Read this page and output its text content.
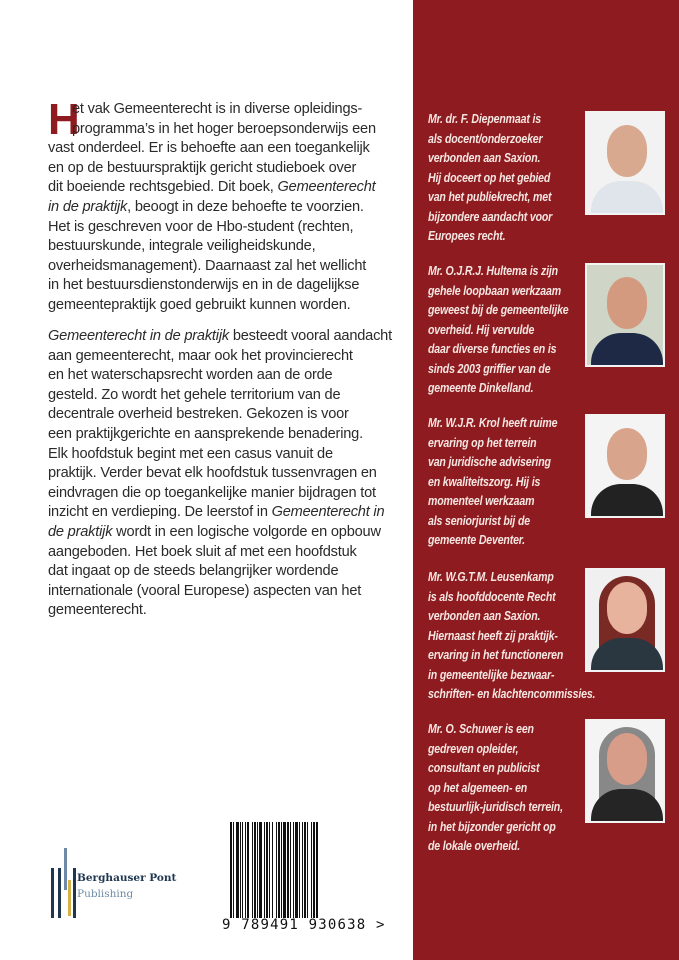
H
et vak Gemeenterecht is in diverse opleidings-
programma’s in het hoger beroepsonderwijs een
vast onderdeel. Er is behoefte aan een toegankelijk
en op de bestuurspraktijk gericht studieboek over
dit boeiende rechtsgebied. Dit boek, Gemeenterecht
in de praktijk, beoogt in deze behoefte te voorzien.
Het is geschreven voor de Hbo-student (rechten,
bestuurskunde, integrale veiligheidskunde,
overheidsmanagement). Daarnaast zal het wellicht
in het bestuursdienstonderwijs en in de dagelijkse
gemeentepraktijk goed gebruikt kunnen worden.
Gemeenterecht in de praktijk besteedt vooral aandacht
aan gemeenterecht, maar ook het provincierecht
en het waterschapsrecht worden aan de orde
gesteld. Zo wordt het gehele territorium van de
decentrale overheid bestreken. Gekozen is voor
een praktijkgerichte en aansprekende benadering.
Elk hoofdstuk begint met een casus vanuit de
praktijk. Verder bevat elk hoofdstuk tussenvragen en
eindvragen die op toegankelijke manier bijdragen tot
inzicht en verdieping. De leerstof in Gemeenterecht in
de praktijk wordt in een logische volgorde en opbouw
aangeboden. Het boek sluit af met een hoofdstuk
dat ingaat op de steeds belangrijker wordende
internationale (vooral Europese) aspecten van het
gemeenterecht.
Berghauser Pont
Publishing
9 789491 930638 >
Mr. dr. F. Diepenmaat is
als docent/onderzoeker
verbonden aan Saxion.
Hij doceert op het gebied
van het publiekrecht, met
bijzondere aandacht voor
Europees recht.
Mr. O.J.R.J. Hultema is zijn
gehele loopbaan werkzaam
geweest bij de gemeentelijke
overheid. Hij vervulde
daar diverse functies en is
sinds 2003 griffier van de
gemeente Dinkelland.
Mr. W.J.R. Krol heeft ruime
ervaring op het terrein
van juridische advisering
en kwaliteitszorg. Hij is
momenteel werkzaam
als seniorjurist bij de
gemeente Deventer.
Mr. W.G.T.M. Leusenkamp
is als hoofddocente Recht
verbonden aan Saxion.
Hiernaast heeft zij praktijk-
ervaring in het functioneren
in gemeentelijke bezwaar-
schriften- en klachtencommissies.
Mr. O. Schuwer is een
gedreven opleider,
consultant en publicist
op het algemeen- en
bestuurlijk-juridisch terrein,
in het bijzonder gericht op
de lokale overheid.
